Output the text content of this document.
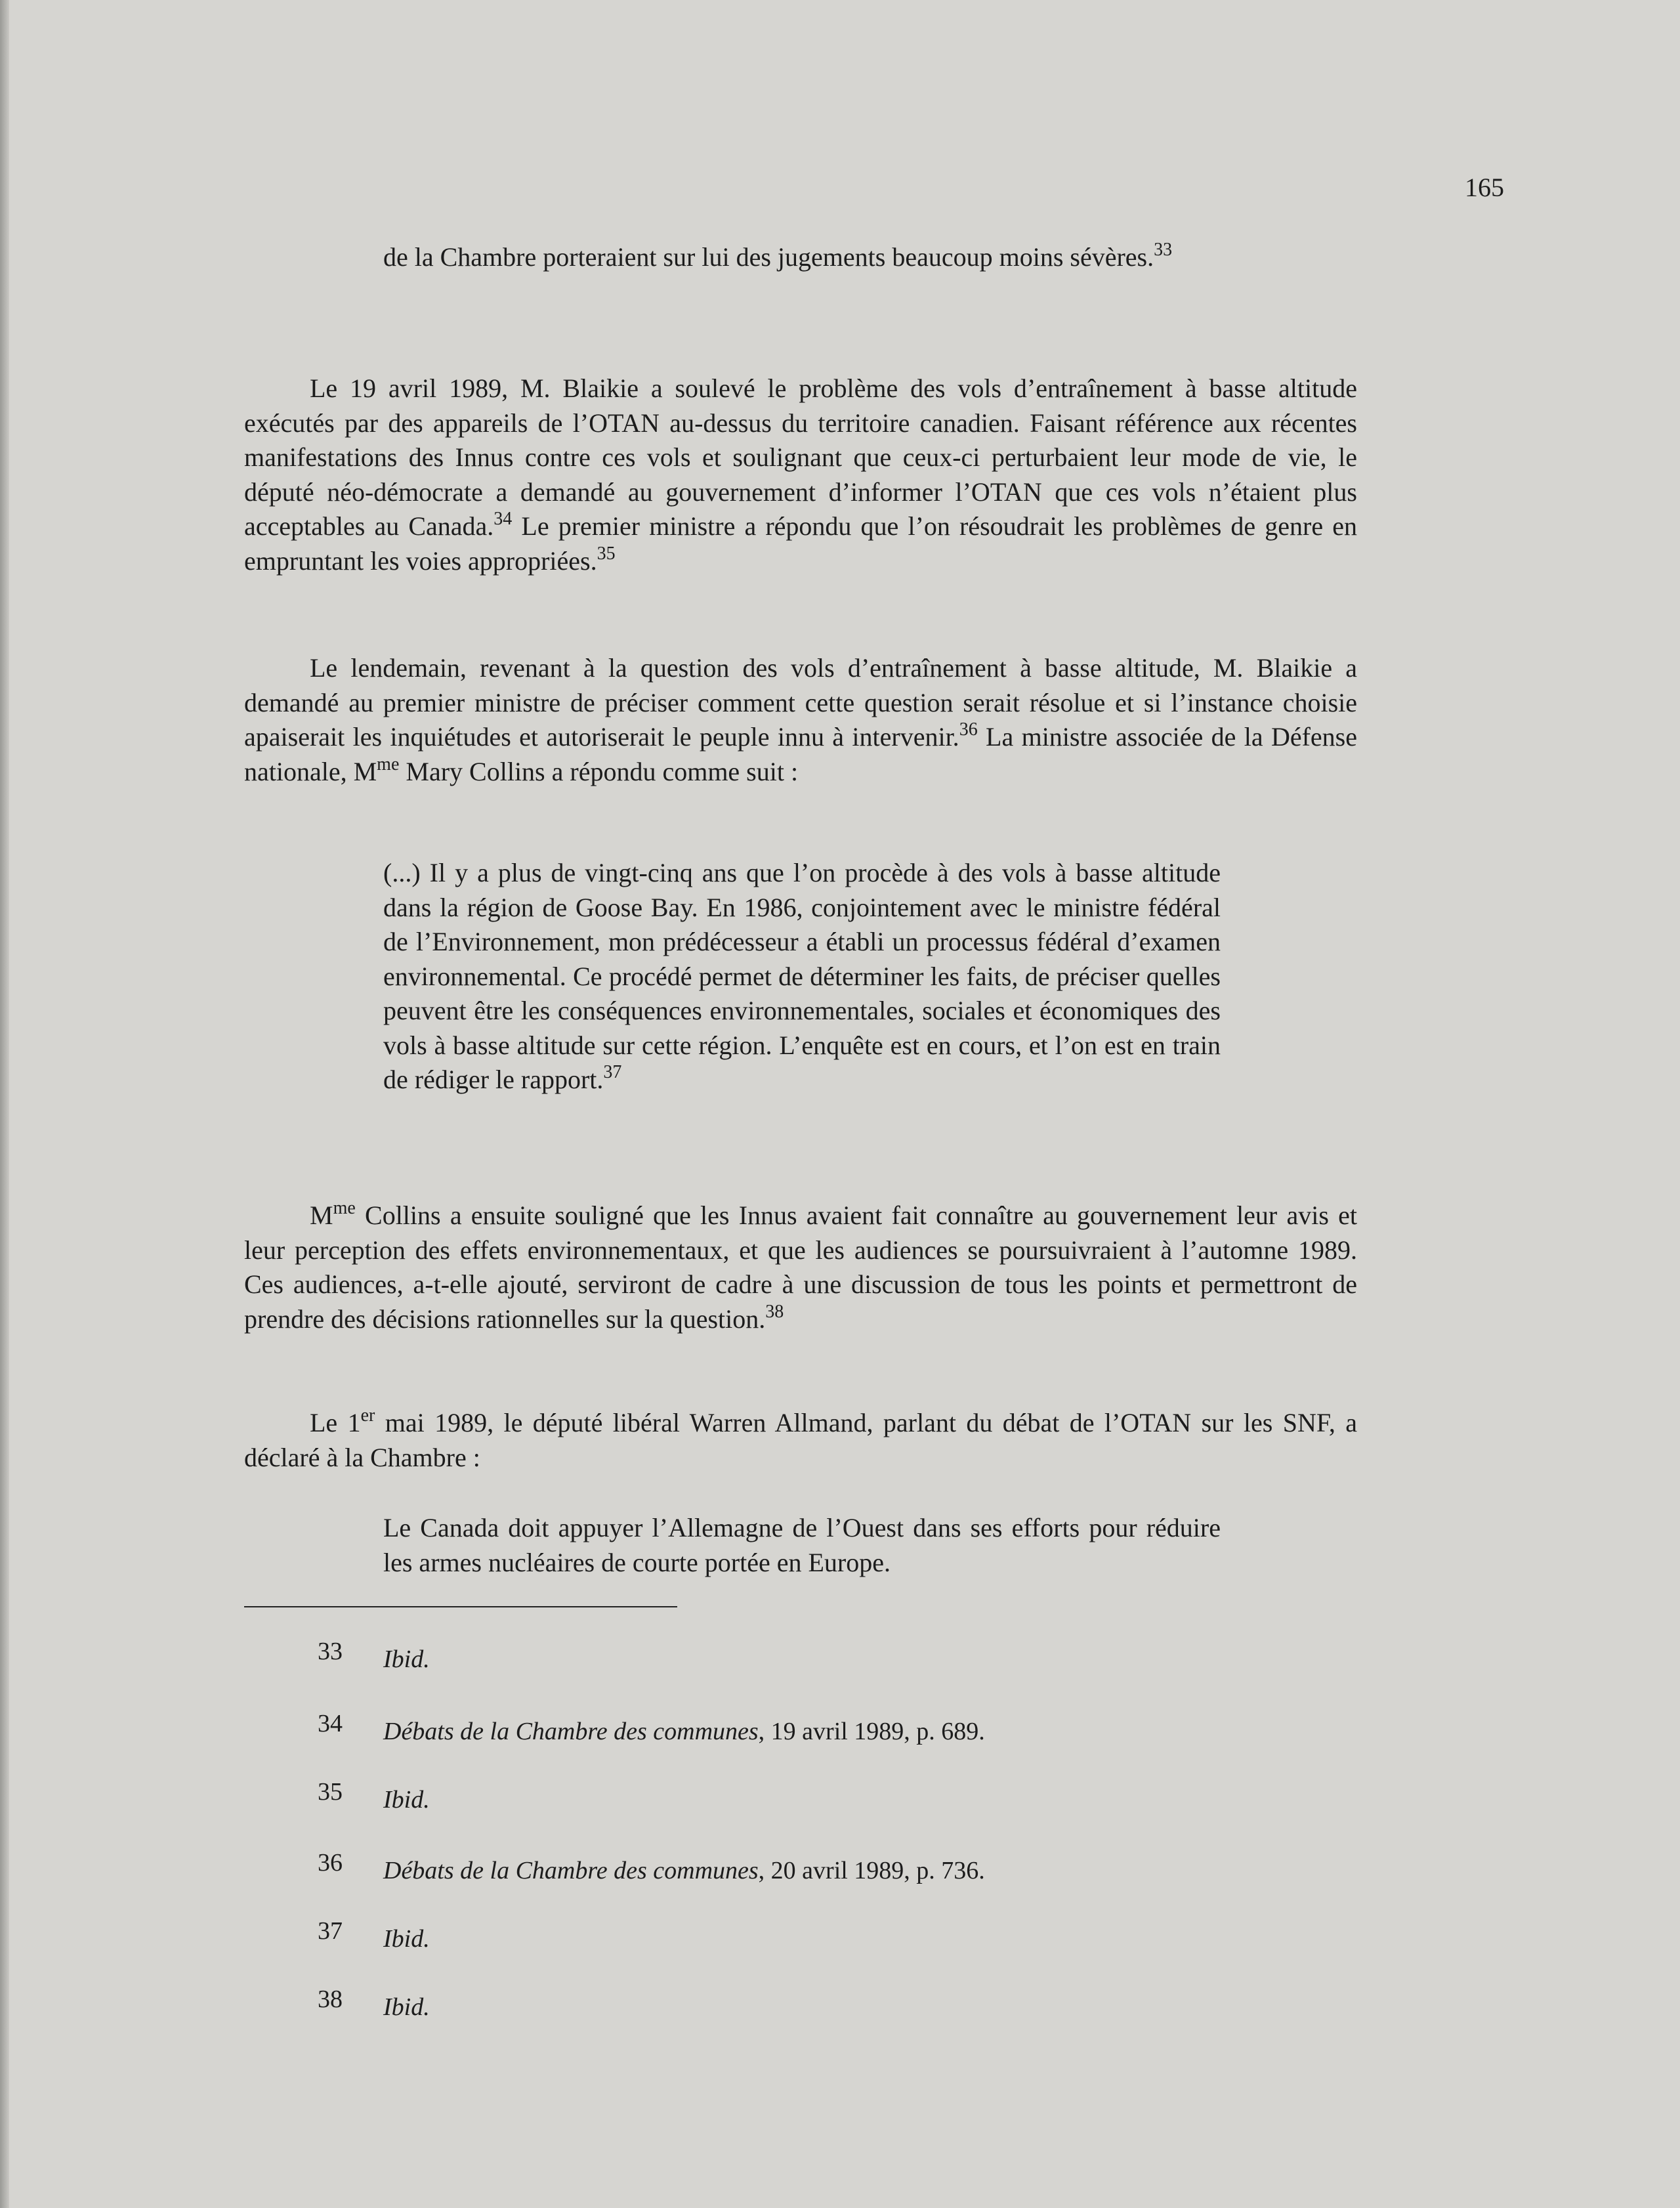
165

de la Chambre porteraient sur lui des jugements beaucoup moins sévères.$^{33}$

Le 19 avril 1989, M. Blaikie a soulevé le problème des vols d’entraînement à basse altitude exécutés par des appareils de l’OTAN au-dessus du territoire canadien. Faisant référence aux récentes manifestations des Innus contre ces vols et soulignant que ceux-ci perturbaient leur mode de vie, le député néo-démocrate a demandé au gouvernement d’informer l’OTAN que ces vols n’étaient plus acceptables au Canada.$^{34}$ Le premier ministre a répondu que l’on résoudrait les problèmes de genre en empruntant les voies appropriées.$^{35}$

Le lendemain, revenant à la question des vols d’entraînement à basse altitude, M. Blaikie a demandé au premier ministre de préciser comment cette question serait résolue et si l’instance choisie apaiserait les inquiétudes et autoriserait le peuple innu à intervenir.$^{36}$ La ministre associée de la Défense nationale, $M^{me}$ Mary Collins a répondu comme suit :

(...) Il y a plus de vingt-cinq ans que l’on procède à des vols à basse altitude dans la région de Goose Bay. En 1986, conjointement avec le ministre fédéral de l’Environnement, mon prédécesseur a établi un processus fédéral d’examen environnemental. Ce procédé permet de déterminer les faits, de préciser quelles peuvent être les conséquences environnementales, sociales et économiques des vols à basse altitude sur cette région. L’enquête est en cours, et l’on est en train de rédiger le rapport.$^{37}$

$M^{me}$ Collins a ensuite souligné que les Innus avaient fait connaître au gouvernement leur avis et leur perception des effets environnementaux, et que les audiences se poursuivraient à l’automne 1989. Ces audiences, a-t-elle ajouté, serviront de cadre à une discussion de tous les points et permettront de prendre des décisions rationnelles sur la question.$^{38}$

Le 1er mai 1989, le député libéral Warren Allmand, parlant du débat de l’OTAN sur les SNF, a déclaré à la Chambre :

Le Canada doit appuyer l’Allemagne de l’Ouest dans ses efforts pour réduire les armes nucléaires de courte portée en Europe.

33	Ibid.
34	Débats de la Chambre des communes , 19 avril 1989, p. 689.
35	Ibid.
36	Débats de la Chambre des communes , 20 avril 1989, p. 736.
37	Ibid.
38	Ibid.
